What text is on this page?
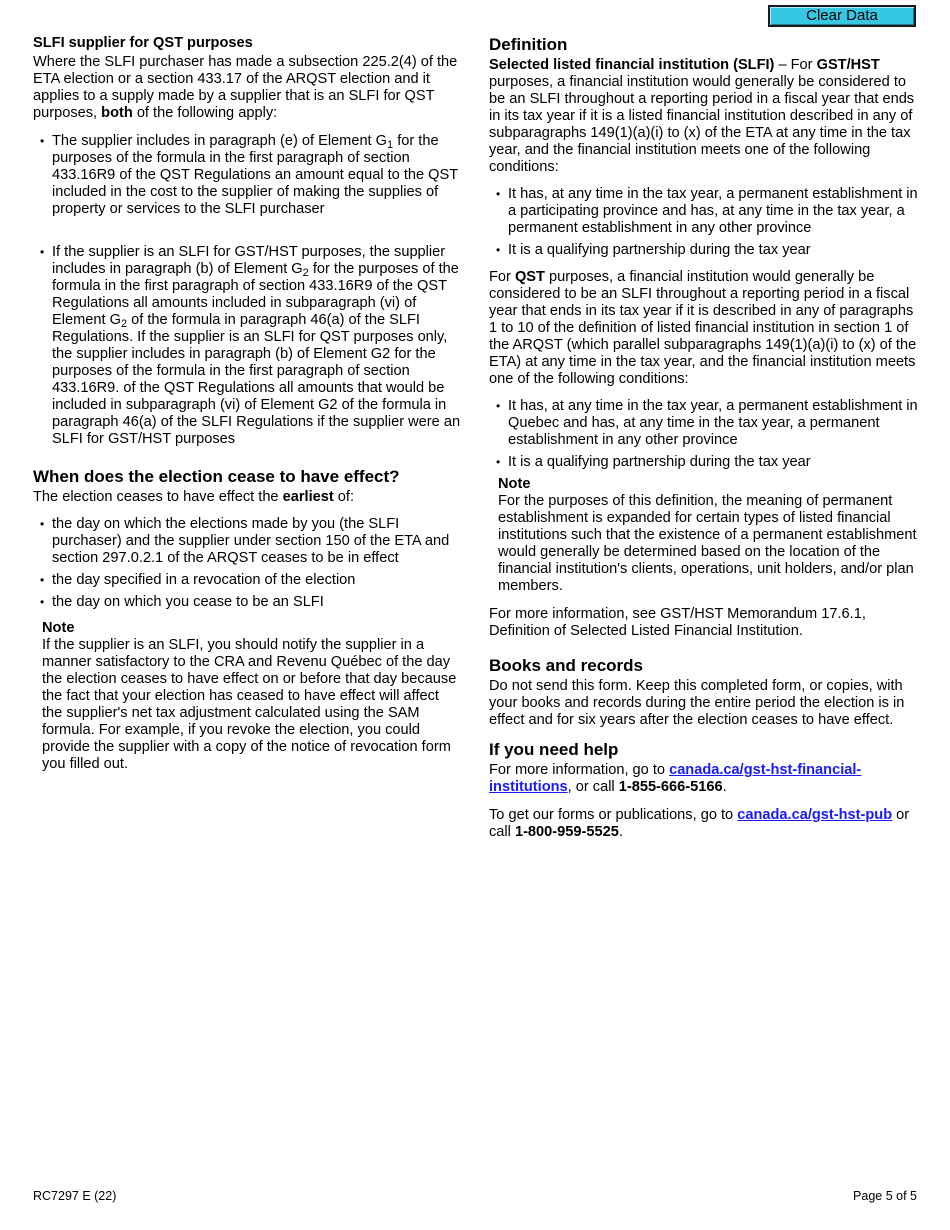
Clear Data
SLFI supplier for QST purposes

Where the SLFI purchaser has made a subsection 225.2(4) of the ETA election or a section 433.17 of the ARQST election and it applies to a supply made by a supplier that is an SLFI for QST purposes, both of the following apply:

• The supplier includes in paragraph (e) of Element $G_1$ for the purposes of the formula in the first paragraph of section 433.16R9 of the QST Regulations an amount equal to the QST included in the cost to the supplier of making the supplies of property or services to the SLFI purchaser
• If the supplier is an SLFI for GST/HST purposes, the supplier includes in paragraph (b) of Element $G_2$ for the purposes of the formula in the first paragraph of section 433.16R9 of the QST Regulations all amounts included in subparagraph (vi) of Element $G_2$ of the formula in paragraph 46(a) of the SLFI Regulations. If the supplier is an SLFI for QST purposes only, the supplier includes in paragraph (b) of Element G2 for the purposes of the formula in the first paragraph of section 433.16R9. of the QST Regulations all amounts that would be included in subparagraph (vi) of Element G2 of the formula in paragraph 46(a) of the SLFI Regulations if the supplier were an SLFI for GST/HST purposes
When does the election cease to have effect?

The election ceases to have effect the earliest of:

• the day on which the elections made by you (the SLFI purchaser) and the supplier under section 150 of the ETA and section 297.0.2.1 of the ARQST ceases to be in effect
• the day specified in a revocation of the election
• the day on which you cease to be an SLFI
Note

If the supplier is an SLFI, you should notify the supplier in a manner satisfactory to the CRA and Revenu Québec of the day the election ceases to have effect on or before that day because the fact that your election has ceased to have effect will affect the supplier's net tax adjustment calculated using the SAM formula. For example, if you revoke the election, you could provide the supplier with a copy of the notice of revocation form you filled out.

Definition

Selected listed financial institution (SLFI) – For GST/HST purposes, a financial institution would generally be considered to be an SLFI throughout a reporting period in a fiscal year that ends in its tax year if it is a listed financial institution described in any of subparagraphs 149(1)(a)(i) to (x) of the ETA at any time in the tax year, and the financial institution meets one of the following conditions:

• It has, at any time in the tax year, a permanent establishment in a participating province and has, at any time in the tax year, a permanent establishment in any other province
• It is a qualifying partnership during the tax year

For QST purposes, a financial institution would generally be considered to be an SLFI throughout a reporting period in a fiscal year that ends in its tax year if it is described in any of paragraphs 1 to 10 of the definition of listed financial institution in section 1 of the ARQST (which parallel subparagraphs 149(1)(a)(i) to (x) of the ETA) at any time in the tax year, and the financial institution meets one of the following conditions:

• It has, at any time in the tax year, a permanent establishment in Quebec and has, at any time in the tax year, a permanent establishment in any other province
• It is a qualifying partnership during the tax year
Note

For the purposes of this definition, the meaning of permanent establishment is expanded for certain types of listed financial institutions such that the existence of a permanent establishment would generally be determined based on the location of the financial institution's clients, operations, unit holders, and/or plan members.

For more information, see GST/HST Memorandum 17.6.1, Definition of Selected Listed Financial Institution.

Books and records

Do not send this form. Keep this completed form, or copies, with your books and records during the entire period the election is in effect and for six years after the election ceases to have effect.

If you need help

For more information, go to canada.ca/gst-hst-financial-institutions, or call 1-855-666-5166.

To get our forms or publications, go to canada.ca/gst-hst-pub or call 1-800-959-5525.

RC7297 E (22)	Page 5 of 5
